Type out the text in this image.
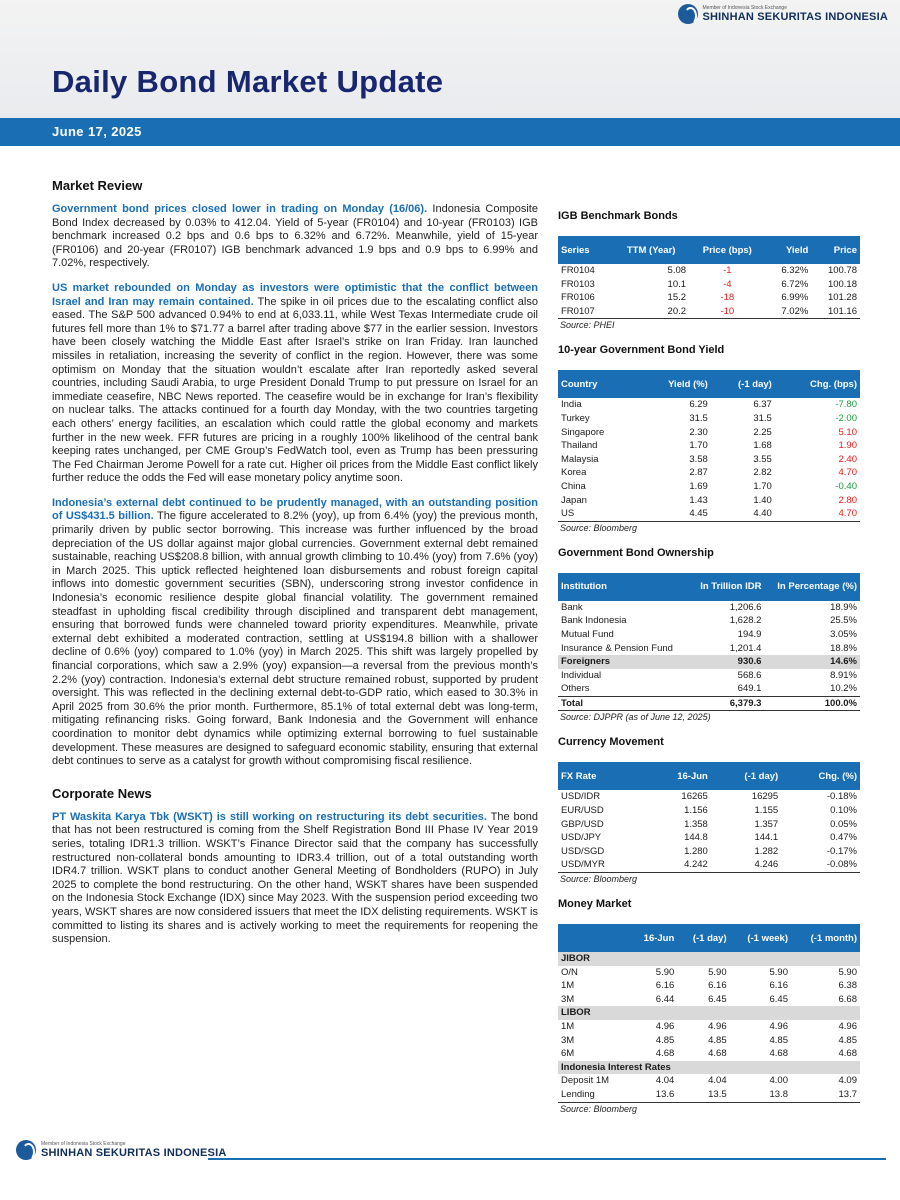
Member of Indonesia Stock Exchange
SHINHAN SEKURITAS INDONESIA
Daily Bond Market Update
June 17, 2025
Market Review

Government bond prices closed lower in trading on Monday (16/06). Indonesia Composite Bond Index decreased by 0.03% to 412.04. Yield of 5-year (FR0104) and 10-year (FR0103) IGB benchmark increased 0.2 bps and 0.6 bps to 6.32% and 6.72%. Meanwhile, yield of 15-year (FR0106) and 20-year (FR0107) IGB benchmark advanced 1.9 bps and 0.9 bps to 6.99% and 7.02%, respectively.

US market rebounded on Monday as investors were optimistic that the conflict between Israel and Iran may remain contained. The spike in oil prices due to the escalating conflict also eased. The S&P 500 advanced 0.94% to end at 6,033.11, while West Texas Intermediate crude oil futures fell more than 1% to $71.77 a barrel after trading above $77 in the earlier session. Investors have been closely watching the Middle East after Israel’s strike on Iran Friday. Iran launched missiles in retaliation, increasing the severity of conflict in the region. However, there was some optimism on Monday that the situation wouldn’t escalate after Iran reportedly asked several countries, including Saudi Arabia, to urge President Donald Trump to put pressure on Israel for an immediate ceasefire, NBC News reported. The ceasefire would be in exchange for Iran’s flexibility on nuclear talks. The attacks continued for a fourth day Monday, with the two countries targeting each others’ energy facilities, an escalation which could rattle the global economy and markets further in the new week. FFR futures are pricing in a roughly 100% likelihood of the central bank keeping rates unchanged, per CME Group’s FedWatch tool, even as Trump has been pressuring The Fed Chairman Jerome Powell for a rate cut. Higher oil prices from the Middle East conflict likely further reduce the odds the Fed will ease monetary policy anytime soon.

Indonesia’s external debt continued to be prudently managed, with an outstanding position of US$431.5 billion. The figure accelerated to 8.2% (yoy), up from 6.4% (yoy) the previous month, primarily driven by public sector borrowing. This increase was further influenced by the broad depreciation of the US dollar against major global currencies. Government external debt remained sustainable, reaching US$208.8 billion, with annual growth climbing to 10.4% (yoy) from 7.6% (yoy) in March 2025. This uptick reflected heightened loan disbursements and robust foreign capital inflows into domestic government securities (SBN), underscoring strong investor confidence in Indonesia’s economic resilience despite global financial volatility. The government remained steadfast in upholding fiscal credibility through disciplined and transparent debt management, ensuring that borrowed funds were channeled toward priority expenditures. Meanwhile, private external debt exhibited a moderated contraction, settling at US$194.8 billion with a shallower decline of 0.6% (yoy) compared to 1.0% (yoy) in March 2025. This shift was largely propelled by financial corporations, which saw a 2.9% (yoy) expansion—a reversal from the previous month’s 2.2% (yoy) contraction. Indonesia’s external debt structure remained robust, supported by prudent oversight. This was reflected in the declining external debt-to-GDP ratio, which eased to 30.3% in April 2025 from 30.6% the prior month. Furthermore, 85.1% of total external debt was long-term, mitigating refinancing risks. Going forward, Bank Indonesia and the Government will enhance coordination to monitor debt dynamics while optimizing external borrowing to fuel sustainable development. These measures are designed to safeguard economic stability, ensuring that external debt continues to serve as a catalyst for growth without compromising fiscal resilience.

Corporate News

PT Waskita Karya Tbk (WSKT) is still working on restructuring its debt securities. The bond that has not been restructured is coming from the Shelf Registration Bond III Phase IV Year 2019 series, totaling IDR1.3 trillion. WSKT’s Finance Director said that the company has successfully restructured non-collateral bonds amounting to IDR3.4 trillion, out of a total outstanding worth IDR4.7 trillion. WSKT plans to conduct another General Meeting of Bondholders (RUPO) in July 2025 to complete the bond restructuring. On the other hand, WSKT shares have been suspended on the Indonesia Stock Exchange (IDX) since May 2023. With the suspension period exceeding two years, WSKT shares are now considered issuers that meet the IDX delisting requirements. WSKT is committed to listing its shares and is actively working to meet the requirements for reopening the suspension.

IGB Benchmark Bonds
Series	TTM (Year)	Price (bps)	Yield	Price
FR0104	5.08	-1	6.32%	100.78
FR0103	10.1	-4	6.72%	100.18
FR0106	15.2	-18	6.99%	101.28
FR0107	20.2	-10	7.02%	101.16
Source: PHEI
10-year Government Bond Yield
Country	Yield (%)	(-1 day)	Chg. (bps)
India	6.29	6.37	-7.80
Turkey	31.5	31.5	-2.00
Singapore	2.30	2.25	5.10
Thailand	1.70	1.68	1.90
Malaysia	3.58	3.55	2.40
Korea	2.87	2.82	4.70
China	1.69	1.70	-0.40
Japan	1.43	1.40	2.80
US	4.45	4.40	4.70
Source: Bloomberg
Government Bond Ownership
Institution	In Trillion IDR	In Percentage (%)
Bank	1,206.6	18.9%
Bank Indonesia	1,628.2	25.5%
Mutual Fund	194.9	3.05%
Insurance & Pension Fund	1,201.4	18.8%
Foreigners	930.6	14.6%
Individual	568.6	8.91%
Others	649.1	10.2%
Total	6,379.3	100.0%
Source: DJPPR (as of June 12, 2025)
Currency Movement
FX Rate	16-Jun	(-1 day)	Chg. (%)
USD/IDR	16265	16295	-0.18%
EUR/USD	1.156	1.155	0.10%
GBP/USD	1.358	1.357	0.05%
USD/JPY	144.8	144.1	0.47%
USD/SGD	1.280	1.282	-0.17%
USD/MYR	4.242	4.246	-0.08%
Source: Bloomberg
Money Market
	16-Jun	(-1 day)	(-1 week)	(-1 month)
JIBOR				
O/N	5.90	5.90	5.90	5.90
1M	6.16	6.16	6.16	6.38
3M	6.44	6.45	6.45	6.68
LIBOR				
1M	4.96	4.96	4.96	4.96
3M	4.85	4.85	4.85	4.85
6M	4.68	4.68	4.68	4.68
Indonesia Interest Rates				
Deposit 1M	4.04	4.04	4.00	4.09
Lending	13.6	13.5	13.8	13.7
Source: Bloomberg
Member of Indonesia Stock Exchange
SHINHAN SEKURITAS INDONESIA
